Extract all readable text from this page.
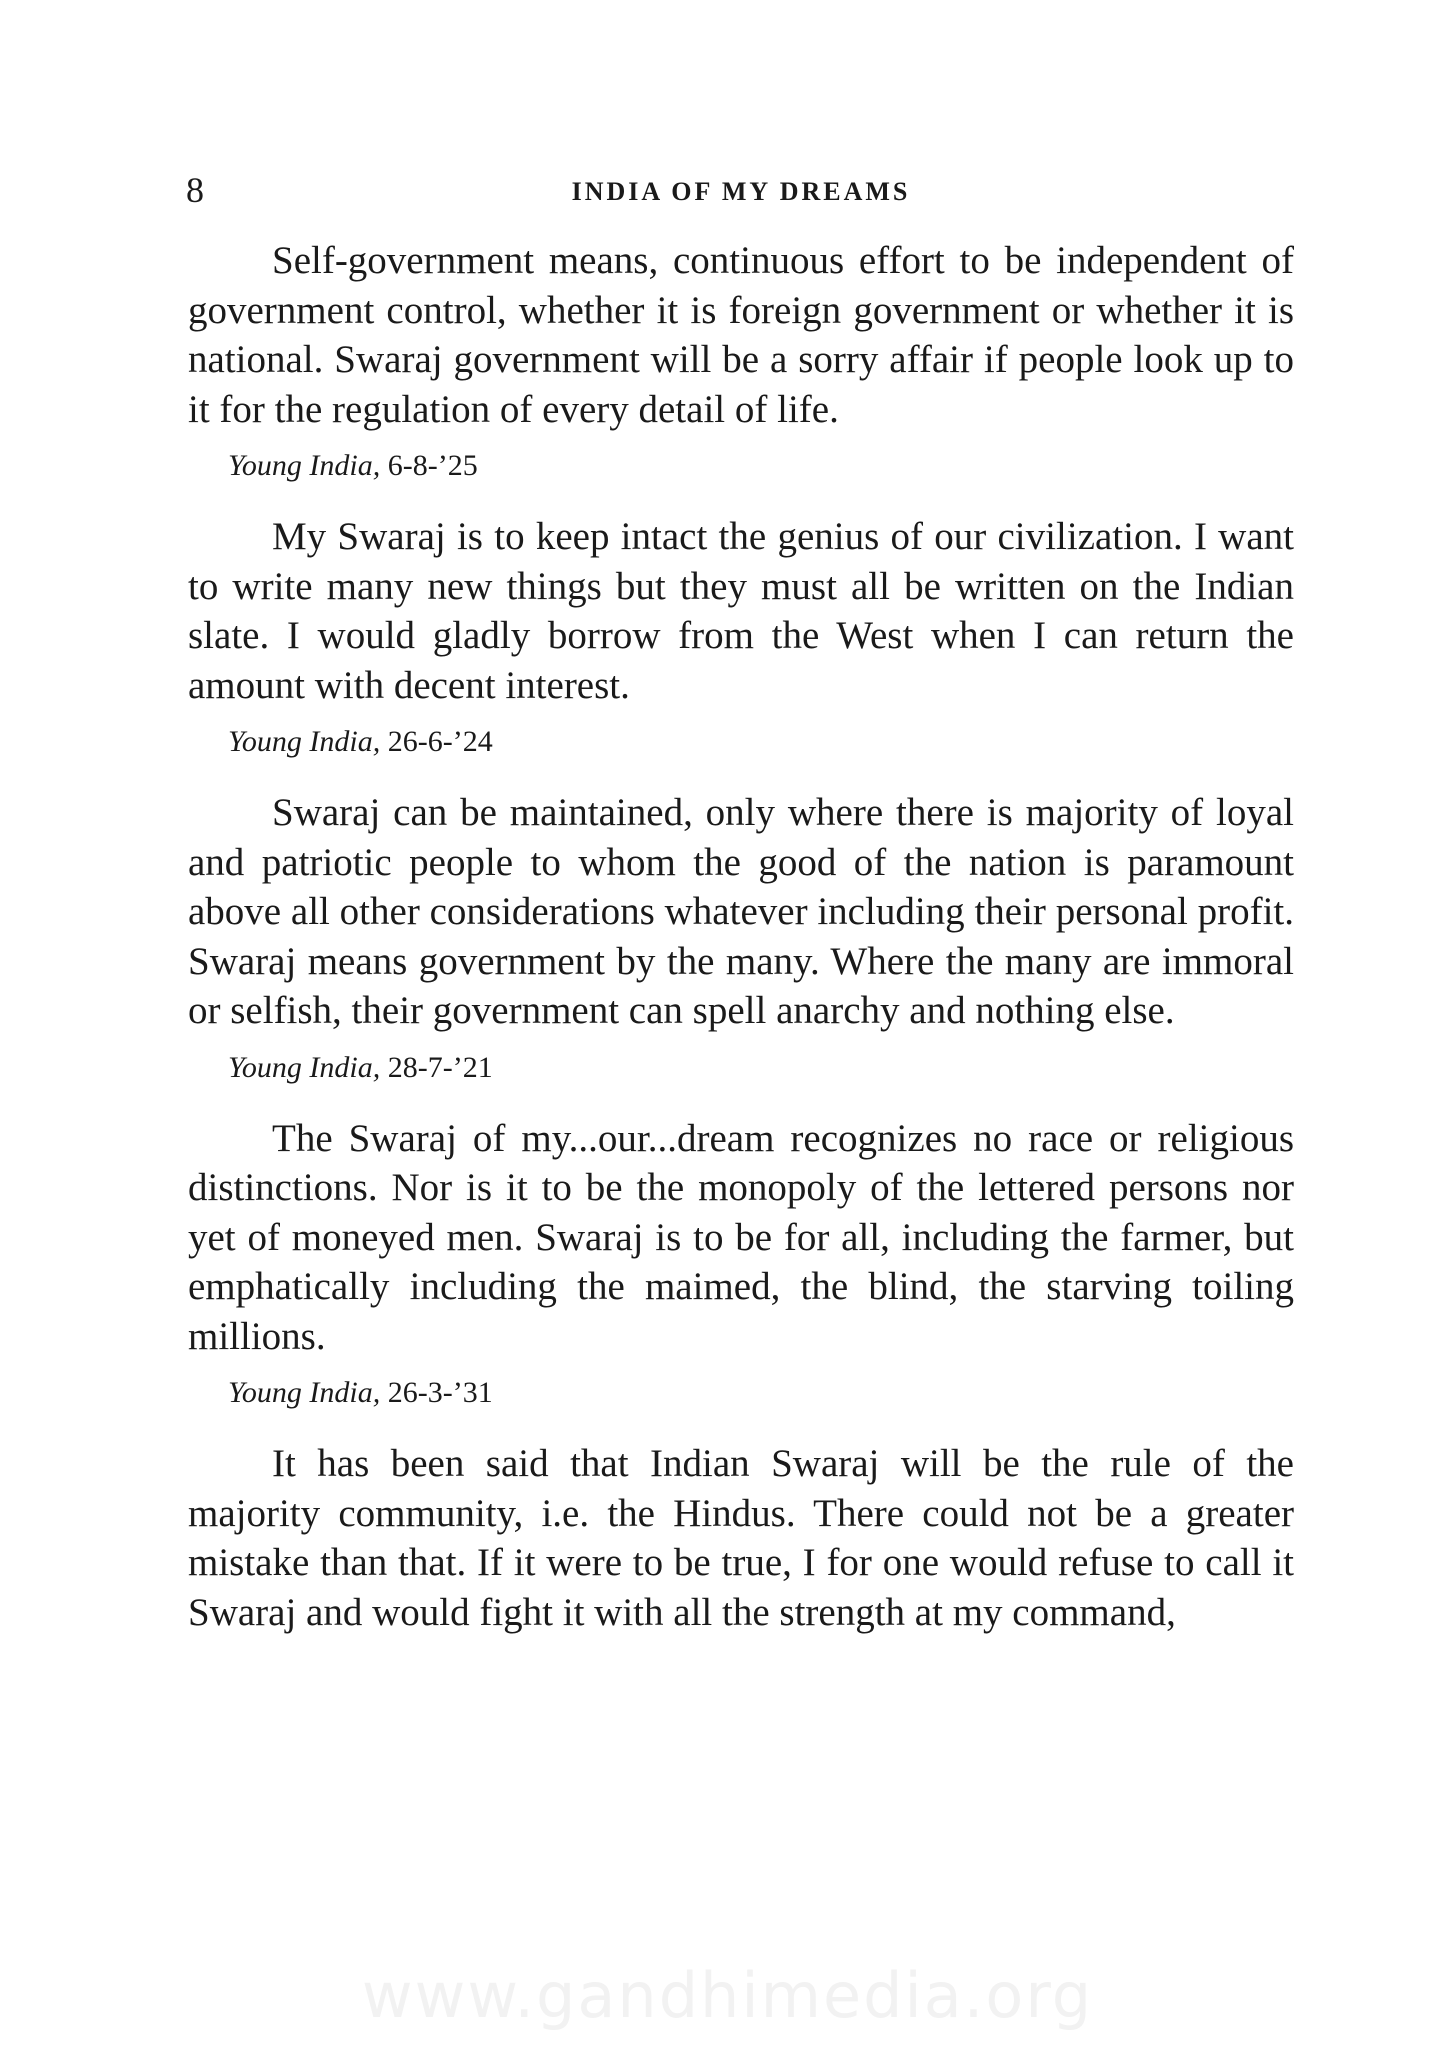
8	INDIA OF MY DREAMS

Self-government means, continuous effort to be independent of government control, whether it is foreign government or whether it is national. Swaraj government will be a sorry affair if people look up to it for the regulation of every detail of life.

Young India, 6-8-’25

My Swaraj is to keep intact the genius of our civilization. I want to write many new things but they must all be written on the Indian slate. I would gladly borrow from the West when I can return the amount with decent interest.

Young India, 26-6-’24

Swaraj can be maintained, only where there is majority of loyal and patriotic people to whom the good of the nation is paramount above all other considerations whatever including their personal profit. Swaraj means government by the many. Where the many are immoral or selfish, their government can spell anarchy and nothing else.

Young India, 28-7-’21

The Swaraj of my...our...dream recognizes no race or religious distinctions. Nor is it to be the monopoly of the lettered persons nor yet of moneyed men. Swaraj is to be for all, including the farmer, but emphatically including the maimed, the blind, the starving toiling millions.

Young India, 26-3-’31

It has been said that Indian Swaraj will be the rule of the majority community, i.e. the Hindus. There could not be a greater mistake than that. If it were to be true, I for one would refuse to call it Swaraj and would fight it with all the strength at my command,

www.gandhimedia.org
